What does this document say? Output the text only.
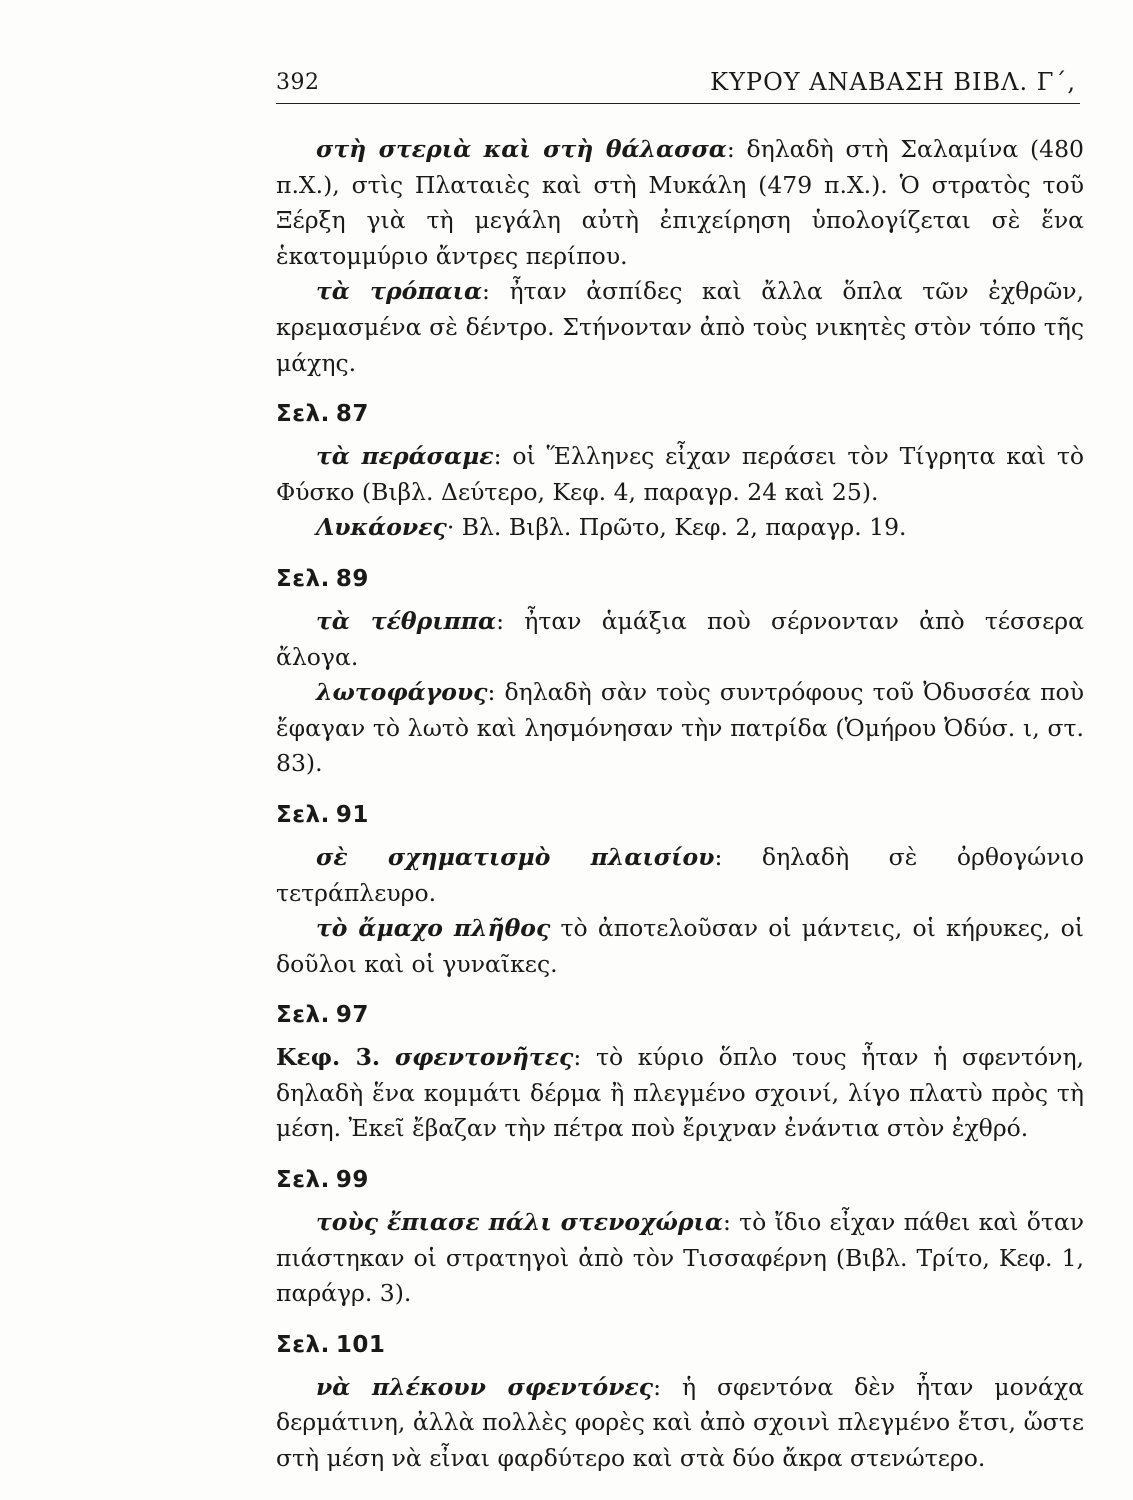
392	ΚΥΡΟΥ ΑΝΑΒΑΣΗ ΒΙΒΛ. Γ΄,

στὴ στεριὰ καὶ στὴ θάλασσα: δηλαδὴ στὴ Σαλαμίνα (480 π.Χ.), στὶς Πλαταιὲς καὶ στὴ Μυκάλη (479 π.Χ.). Ὁ στρατὸς τοῦ Ξέρξη γιὰ τὴ μεγάλη αὐτὴ ἐπιχείρηση ὑπολογίζεται σὲ ἕνα ἑκατομμύριο ἄντρες περίπου.

τὰ τρόπαια: ἦταν ἀσπίδες καὶ ἄλλα ὅπλα τῶν ἐχθρῶν, κρεμασμένα σὲ δέντρο. Στήνονταν ἀπὸ τοὺς νικητὲς στὸν τόπο τῆς μάχης.

Σελ. 87

τὰ περάσαμε: οἱ Ἕλληνες εἶχαν περάσει τὸν Τίγρητα καὶ τὸ Φύσκο (Βιβλ. Δεύτερο, Κεφ. 4, παραγρ. 24 καὶ 25).

Λυκάονες· Βλ. Βιβλ. Πρῶτο, Κεφ. 2, παραγρ. 19.

Σελ. 89

τὰ τέθριππα: ἦταν ἁμάξια ποὺ σέρνονταν ἀπὸ τέσσερα ἄλογα.

λωτοφάγους: δηλαδὴ σὰν τοὺς συντρόφους τοῦ Ὀδυσσέα ποὺ ἔφαγαν τὸ λωτὸ καὶ λησμόνησαν τὴν πατρίδα (Ὁμήρου Ὀδύσ. ι, στ. 83).

Σελ. 91

σὲ σχηματισμὸ πλαισίου: δηλαδὴ σὲ ὀρθογώνιο τετράπλευρο.

τὸ ἄμαχο πλῆθος τὸ ἀποτελοῦσαν οἱ μάντεις, οἱ κήρυκες, οἱ δοῦλοι καὶ οἱ γυναῖκες.

Σελ. 97

Κεφ. 3. σφεντονῆτες: τὸ κύριο ὅπλο τους ἦταν ἡ σφεντόνη, δηλαδὴ ἕνα κομμάτι δέρμα ἢ πλεγμένο σχοινί, λίγο πλατὺ πρὸς τὴ μέση. Ἐκεῖ ἔβαζαν τὴν πέτρα ποὺ ἔριχναν ἐνάντια στὸν ἐχθρό.

Σελ. 99

τοὺς ἔπιασε πάλι στενοχώρια: τὸ ἴδιο εἶχαν πάθει καὶ ὅταν πιάστηκαν οἱ στρατηγοὶ ἀπὸ τὸν Τισσαφέρνη (Βιβλ. Τρίτο, Κεφ. 1, παράγρ. 3).

Σελ. 101

νὰ πλέκουν σφεντόνες: ἡ σφεντόνα δὲν ἦταν μονάχα δερμάτινη, ἀλλὰ πολλὲς φορὲς καὶ ἀπὸ σχοινὶ πλεγμένο ἔτσι, ὥστε στὴ μέση νὰ εἶναι φαρδύτερο καὶ στὰ δύο ἄκρα στενώτερο.
